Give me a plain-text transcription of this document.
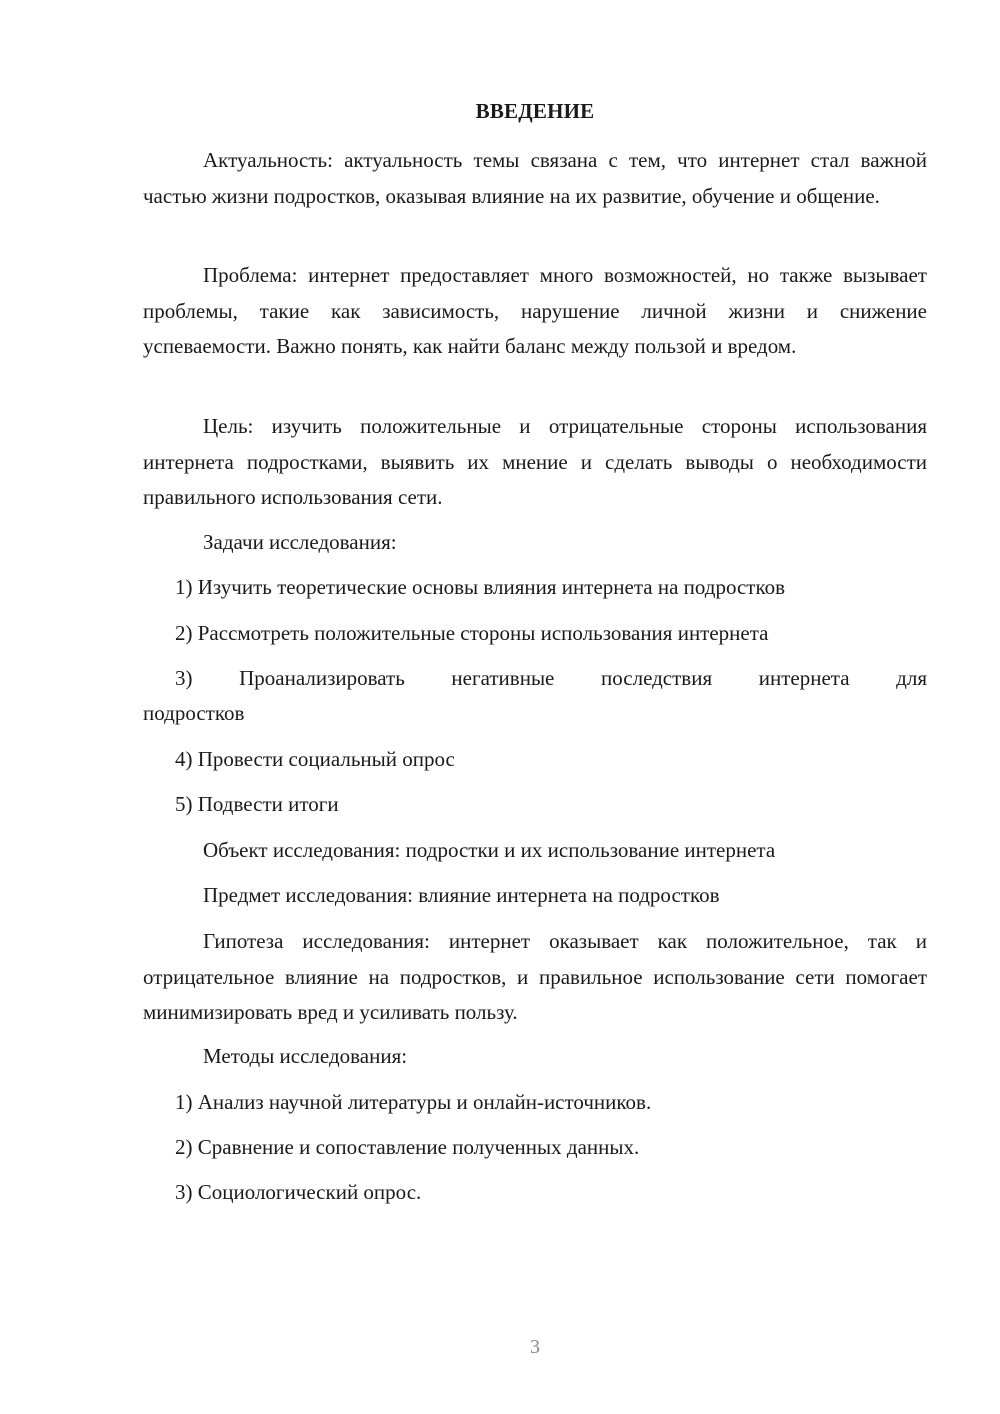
ВВЕДЕНИЕ
Актуальность: актуальность темы связана с тем, что интернет стал важной частью жизни подростков, оказывая влияние на их развитие, обучение и общение.
Проблема: интернет предоставляет много возможностей, но также вызывает проблемы, такие как зависимость, нарушение личной жизни и снижение успеваемости. Важно понять, как найти баланс между пользой и вредом.
Цель: изучить положительные и отрицательные стороны использования интернета подростками, выявить их мнение и сделать выводы о необходимости правильного использования сети.
Задачи исследования:
1) Изучить теоретические основы влияния интернета на подростков
2) Рассмотреть положительные стороны использования интернета
3) Проанализировать негативные последствия интернета для
подростков
4) Провести социальный опрос
5) Подвести итоги
Объект исследования: подростки и их использование интернета
Предмет исследования: влияние интернета на подростков
Гипотеза исследования: интернет оказывает как положительное, так и отрицательное влияние на подростков, и правильное использование сети помогает минимизировать вред и усиливать пользу.
Методы исследования:
1) Анализ научной литературы и онлайн-источников.
2) Сравнение и сопоставление полученных данных.
3) Социологический опрос.
3
